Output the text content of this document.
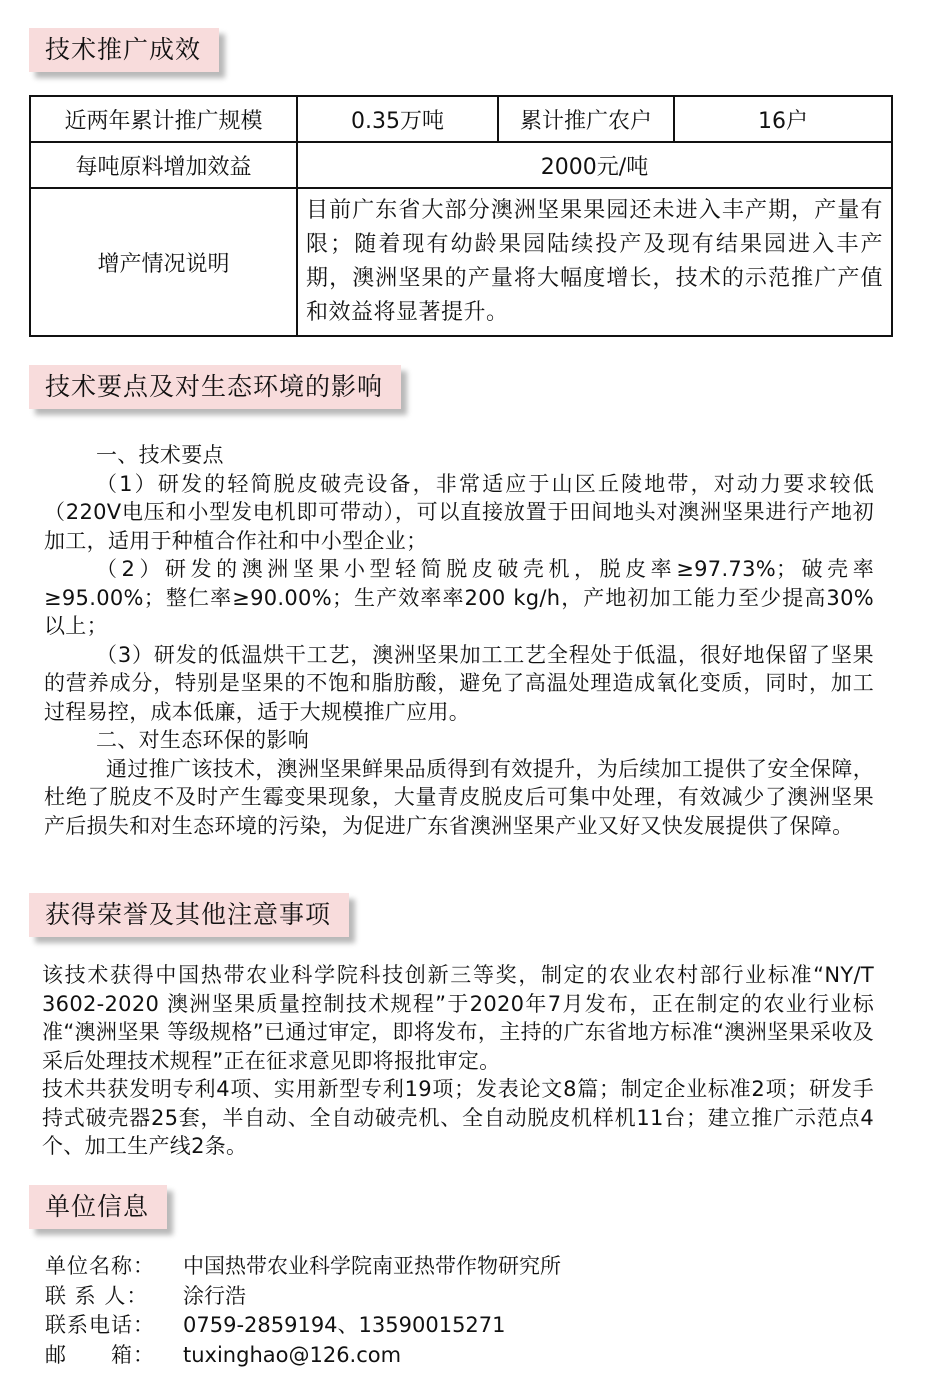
技术推广成效
近两年累计推广规模	0.35万吨	累计推广农户	16户
每吨原料增加效益	2000元/吨		
增产情况说明	目前广东省大部分澳洲坚果果园还未进入丰产期，产量有限；随着现有幼龄果园陆续投产及现有结果园进入丰产期，澳洲坚果的产量将大幅度增长，技术的示范推广产值和效益将显著提升。		
技术要点及对生态环境的影响

一、技术要点

（1）研发的轻简脱皮破壳设备，非常适应于山区丘陵地带，对动力要求较低（220V电压和小型发电机即可带动），可以直接放置于田间地头对澳洲坚果进行产地初加工，适用于种植合作社和中小型企业；

（2）研发的澳洲坚果小型轻简脱皮破壳机，脱皮率≥97.73%；破壳率≥95.00%；整仁率≥90.00%；生产效率率200 kg/h，产地初加工能力至少提高30%以上；

（3）研发的低温烘干工艺，澳洲坚果加工工艺全程处于低温，很好地保留了坚果的营养成分，特别是坚果的不饱和脂肪酸，避免了高温处理造成氧化变质，同时，加工过程易控，成本低廉，适于大规模推广应用。

二、对生态环保的影响

通过推广该技术，澳洲坚果鲜果品质得到有效提升，为后续加工提供了安全保障，杜绝了脱皮不及时产生霉变果现象，大量青皮脱皮后可集中处理，有效减少了澳洲坚果产后损失和对生态环境的污染，为促进广东省澳洲坚果产业又好又快发展提供了保障。

获得荣誉及其他注意事项

该技术获得中国热带农业科学院科技创新三等奖，制定的农业农村部行业标准“NY/T 3602-2020 澳洲坚果质量控制技术规程”于2020年7月发布，正在制定的农业行业标准“澳洲坚果 等级规格”已通过审定，即将发布，主持的广东省地方标准“澳洲坚果采收及采后处理技术规程”正在征求意见即将报批审定。

技术共获发明专利4项、实用新型专利19项；发表论文8篇；制定企业标准2项；研发手持式破壳器25套，半自动、全自动破壳机、全自动脱皮机样机11台；建立推广示范点4个、加工生产线2条。

单位信息
单位名称：	中国热带农业科学院南亚热带作物研究所
联 系 人：	涂行浩
联系电话：	0759-2859194、13590015271
邮　　箱：	tuxinghao@126.com
